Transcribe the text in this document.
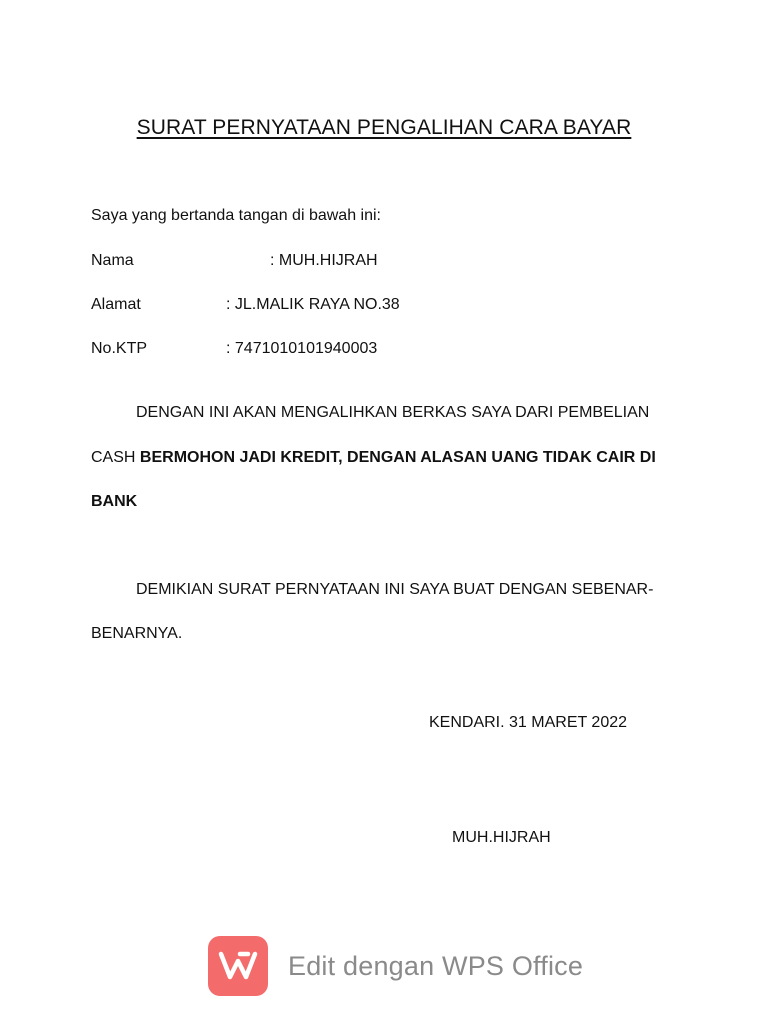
SURAT PERNYATAAN PENGALIHAN CARA BAYAR
Saya yang bertanda tangan di bawah ini:
Nama	: MUH.HIJRAH
Alamat	: JL.MALIK RAYA NO.38
No.KTP	: 7471010101940003
DENGAN INI AKAN MENGALIHKAN BERKAS SAYA DARI PEMBELIAN
CASH BERMOHON JADI KREDIT, DENGAN ALASAN UANG TIDAK CAIR DI
BANK
DEMIKIAN SURAT PERNYATAAN INI SAYA BUAT DENGAN SEBENAR-
BENARNYA.
KENDARI. 31 MARET 2022
MUH.HIJRAH
Edit dengan WPS Office
